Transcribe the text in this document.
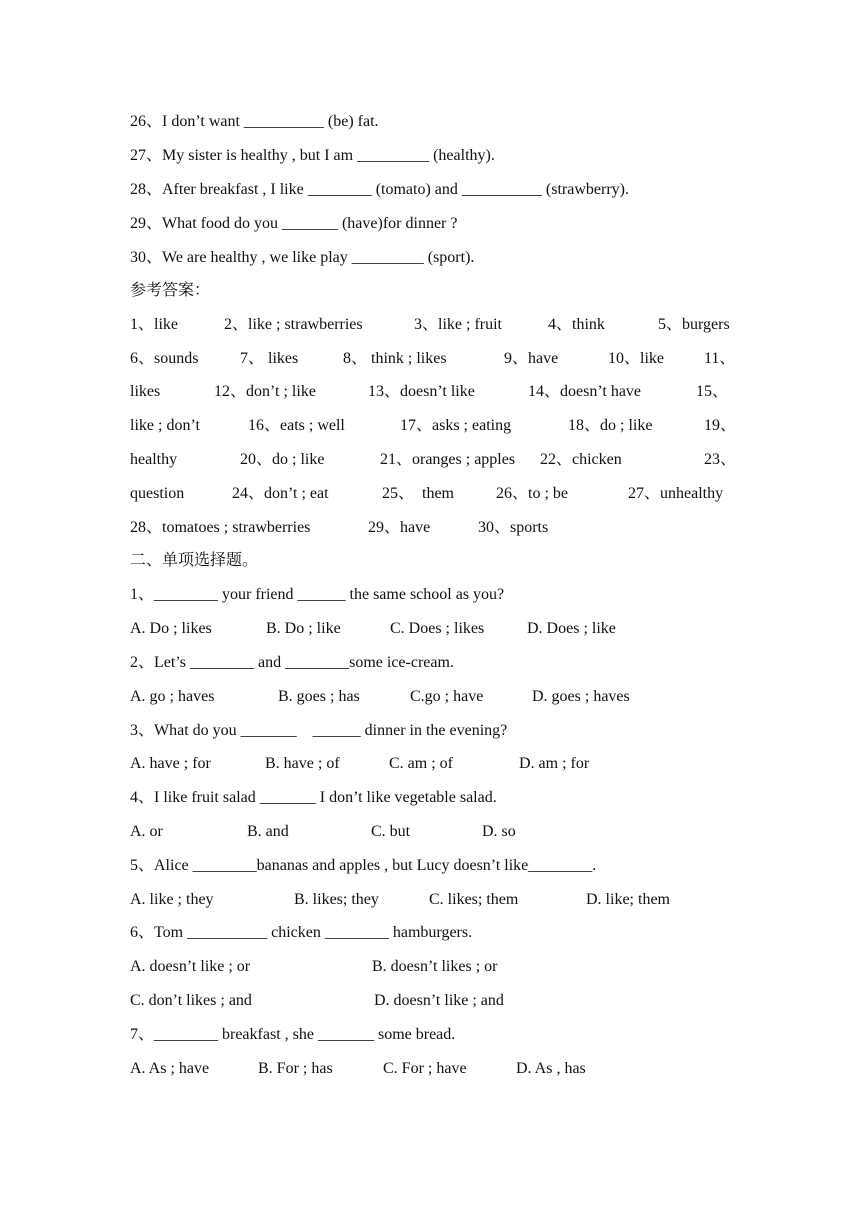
26、I don’t want __________ (be) fat.
27、My sister is healthy , but I am _________ (healthy).
28、After breakfast , I like ________ (tomato) and __________ (strawberry).
29、What food do you _______ (have)for dinner ?
30、We are healthy , we like play _________ (sport).
参考答案：
1、like	2、like ; strawberries	3、like ; fruit	4、think	5、burgers
6、sounds	7、 likes	8、 think ; likes	9、have	10、like	11、
likes	12、don’t ; like	13、doesn’t like	14、doesn’t have	15、
like ; don’t	16、eats ; well	17、asks ; eating	18、do ; like	19、
healthy	20、do ; like	21、oranges ; apples 22、chicken	23、
question	24、don’t ; eat	25、  them	26、to ; be	27、unhealthy
28、tomatoes ; strawberries	29、have	30、sports
二、单项选择题。
1、________ your friend ______ the same school as you?
A. Do ; likes	B. Do ; like	C. Does ; likes	D. Does ; like
2、Let’s ________ and ________some ice-cream.
A. go ; haves	B. goes ; has	C.go ; have	D. goes ; haves
3、What do you _______    ______ dinner in the evening?
A. have ; for	B. have ; of	C. am ; of	D. am ; for
4、I like fruit salad _______ I don’t like vegetable salad.
A. or	B. and	C. but	D. so
5、Alice ________bananas and apples , but Lucy doesn’t like________.
A. like ; they	B. likes; they	C. likes; them	D. like; them
6、Tom __________ chicken ________ hamburgers.
A. doesn’t like ; or	B. doesn’t likes ; or
C. don’t likes ; and	D. doesn’t like ; and
7、________ breakfast , she _______ some bread.
A. As ; have	B. For ; has	C. For ; have	D. As , has
